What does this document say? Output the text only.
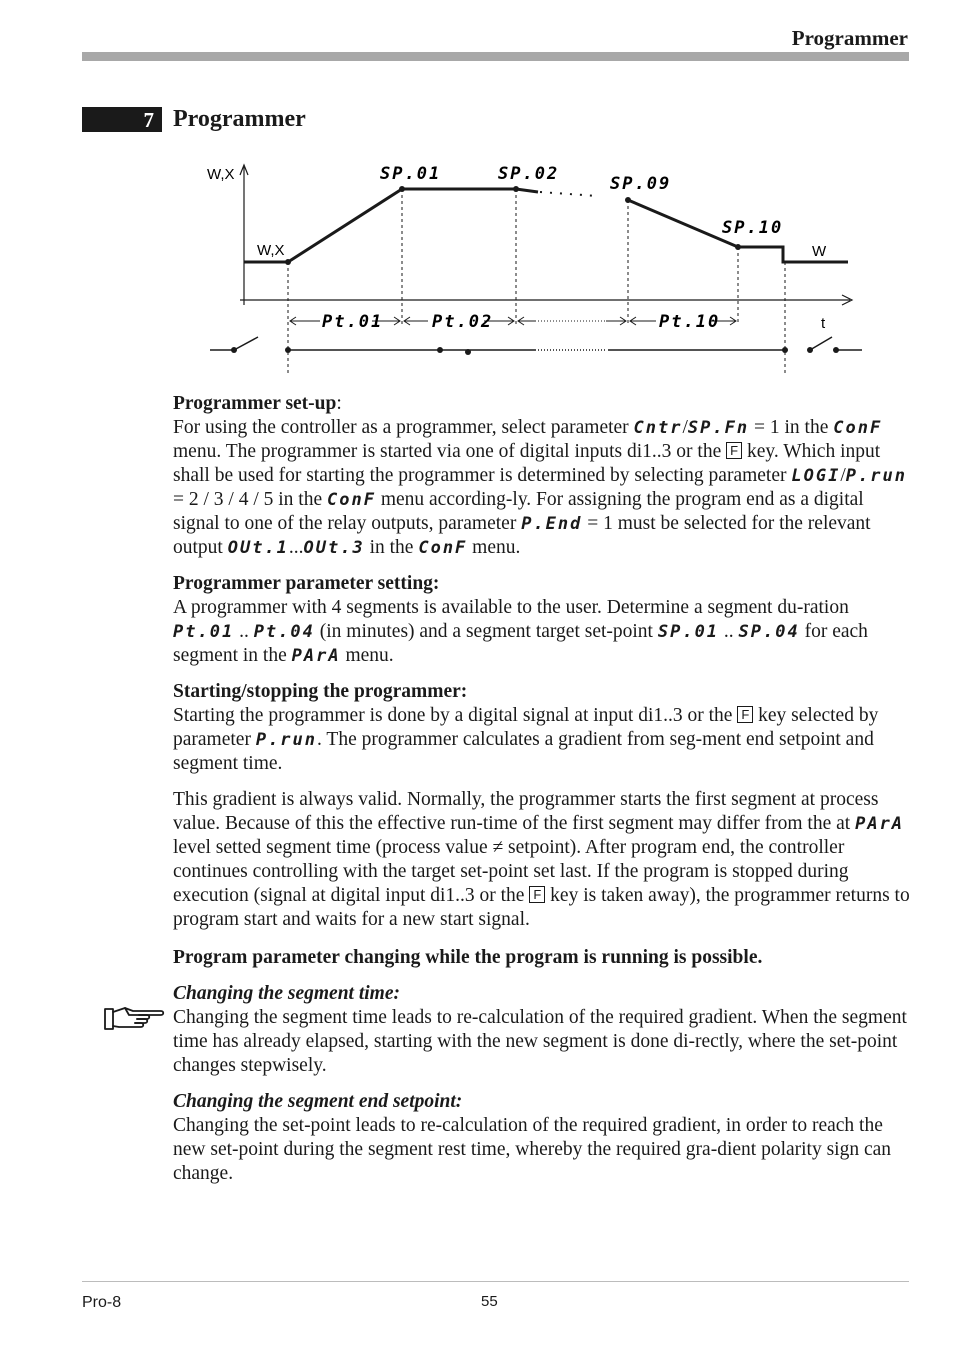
Programmer
7 Programmer
W,X
t
W,X	W
SP.01	SP.02	SP.09
SP.10
Pt.01	Pt.02	Pt.10

Programmer set-up:
For using the controller as a programmer, select parameter Cntr/SP.Fn = 1 in the ConF menu. The programmer is started via one of digital inputs di1..3 or the F key. Which input shall be used for starting the programmer is determined by selecting parameter LOGI/P.run = 2 / 3 / 4 / 5 in the ConF menu according-ly. For assigning the program end as a digital signal to one of the relay outputs, parameter P.End = 1 must be selected for the relevant output OUt.1...OUt.3 in the ConF menu.

Programmer parameter setting:
A programmer with 4 segments is available to the user. Determine a segment du-ration Pt.01 .. Pt.04 (in minutes) and a segment target set-point SP.01 .. SP.04 for each segment in the PArA menu.

Starting/stopping the programmer:
Starting the programmer is done by a digital signal at input di1..3 or the F key selected by parameter P.run. The programmer calculates a gradient from seg-ment end setpoint and segment time.

This gradient is always valid. Normally, the programmer starts the first segment at process value. Because of this the effective run-time of the first segment may differ from the at PArA level setted segment time (process value ≠ setpoint). After program end, the controller continues controlling with the target set-point set last. If the program is stopped during execution (signal at digital input di1..3 or the F key is taken away), the programmer returns to program start and waits for a new start signal.

Program parameter changing while the program is running is possible.

Changing the segment time:
Changing the segment time leads to re-calculation of the required gradient. When the segment time has already elapsed, starting with the new segment is done di-rectly, where the set-point changes stepwisely.

Changing the segment end setpoint:
Changing the set-point leads to re-calculation of the required gradient, in order to reach the new set-point during the segment rest time, whereby the required gra-dient polarity sign can change.

Pro-8	55
